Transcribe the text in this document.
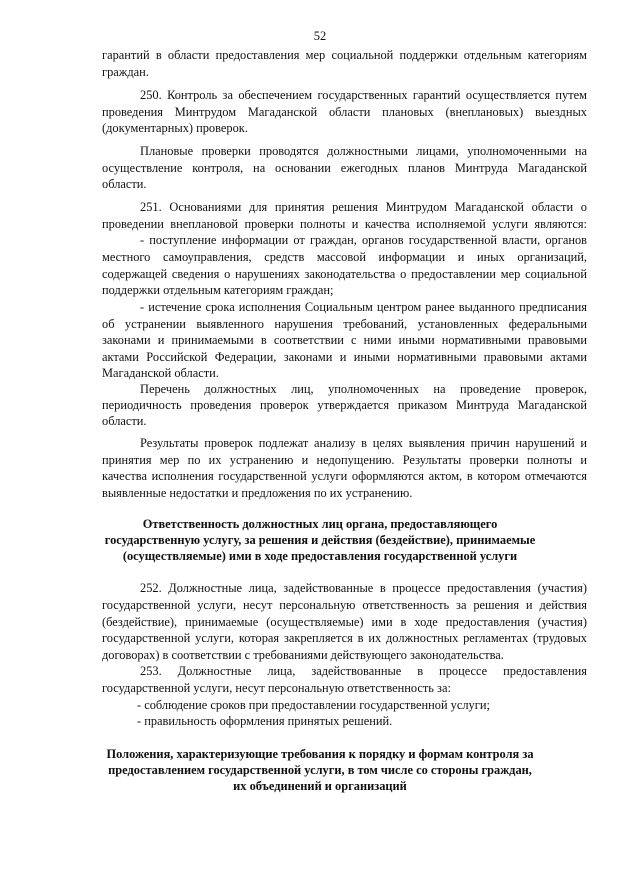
52
гарантий в области предоставления мер социальной поддержки отдельным категориям
граждан.
250. Контроль за обеспечением государственных гарантий осуществляется путем
проведения Минтрудом Магаданской области плановых (внеплановых) выездных
(документарных) проверок.
Плановые проверки проводятся должностными лицами, уполномоченными на
осуществление контроля, на основании ежегодных планов Минтруда Магаданской
области.
251. Основаниями для принятия решения Минтрудом Магаданской области о
проведении внеплановой проверки полноты и качества исполняемой услуги являются:
- поступление информации от граждан, органов государственной власти, органов
местного самоуправления, средств массовой информации и иных организаций,
содержащей сведения о нарушениях законодательства о предоставлении мер социальной
поддержки отдельным категориям граждан;
- истечение срока исполнения Социальным центром ранее выданного предписания
об устранении выявленного нарушения требований, установленных федеральными
законами и принимаемыми в соответствии с ними иными нормативными правовыми
актами Российской Федерации, законами и иными нормативными правовыми актами
Магаданской области.
Перечень должностных лиц, уполномоченных на проведение проверок,
периодичность проведения проверок утверждается приказом Минтруда Магаданской
области.
Результаты проверок подлежат анализу в целях выявления причин нарушений и
принятия мер по их устранению и недопущению. Результаты проверки полноты и
качества исполнения государственной услуги оформляются актом, в котором отмечаются
выявленные недостатки и предложения по их устранению.
Ответственность должностных лиц органа, предоставляющего
государственную услугу, за решения и действия (бездействие), принимаемые
(осуществляемые) ими в ходе предоставления государственной услуги
252. Должностные лица, задействованные в процессе предоставления (участия)
государственной услуги, несут персональную ответственность за решения и действия
(бездействие), принимаемые (осуществляемые) ими в ходе предоставления (участия)
государственной услуги, которая закрепляется в их должностных регламентах (трудовых
договорах) в соответствии с требованиями действующего законодательства.
253. Должностные лица, задействованные в процессе предоставления
государственной услуги, несут персональную ответственность за:
- соблюдение сроков при предоставлении государственной услуги;
- правильность оформления принятых решений.
Положения, характеризующие требования к порядку и формам контроля за
предоставлением государственной услуги, в том числе со стороны граждан,
их объединений и организаций
